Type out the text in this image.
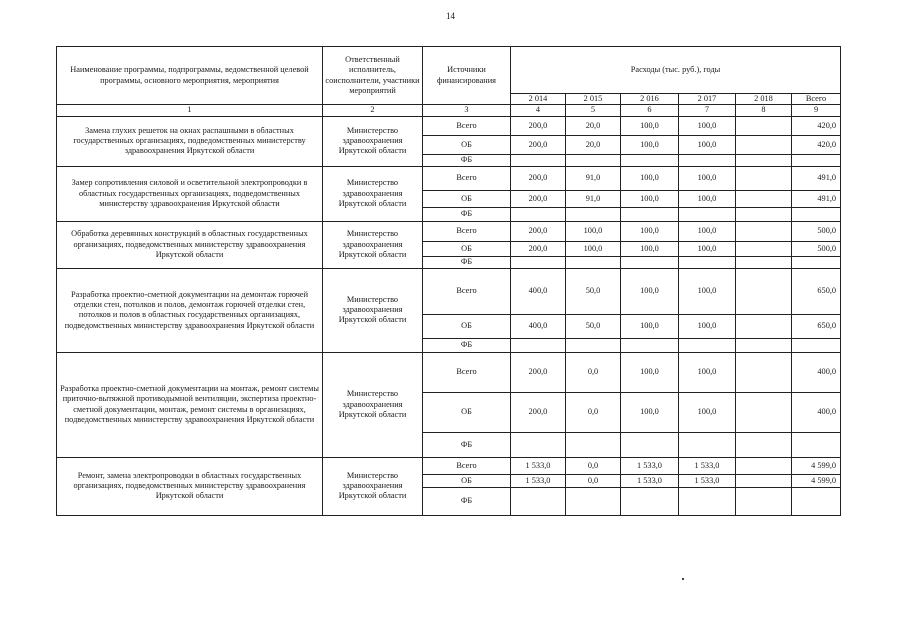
14
Наименование программы, подпрограммы, ведомственной целевой программы, основного мероприятия, мероприятия	Ответственный исполнитель, соисполнители, участники мероприятий	Источники финансирования	Расходы (тыс. руб.), годы					
			2 014	2 015	2 016	2 017	2 018	Всего
1	2	3	4	5	6	7	8	9
Замена глухих решеток на окнах распашными в областных государственных организациях, подведомственных министерству здравоохранения Иркутской области	Министерство здравоохранения Иркутской области	Всего	200,0	20,0	100,0	100,0		420,0
		ОБ	200,0	20,0	100,0	100,0		420,0
		ФБ						
Замер сопротивления силовой и осветительной электропроводки в областных государственных организациях, подведомственных министерству здравоохранения Иркутской области	Министерство здравоохранения Иркутской области	Всего	200,0	91,0	100,0	100,0		491,0
		ОБ	200,0	91,0	100,0	100,0		491,0
		ФБ						
Обработка деревянных конструкций в областных государственных организациях, подведомственных министерству здравоохранения Иркутской области	Министерство здравоохранения Иркутской области	Всего	200,0	100,0	100,0	100,0		500,0
		ОБ	200,0	100,0	100,0	100,0		500,0
		ФБ						
Разработка проектно-сметной документации на демонтаж горючей отделки стен, потолков и полов, демонтаж горючей отделки стен, потолков и полов в областных государственных организациях, подведомственных министерству здравоохранения Иркутской области	Министерство здравоохранения Иркутской области	Всего	400,0	50,0	100,0	100,0		650,0
		ОБ	400,0	50,0	100,0	100,0		650,0
		ФБ						
Разработка проектно-сметной документации на монтаж, ремонт системы приточно-вытяжной противодымной вентиляции, экспертиза проектно-сметной документации, монтаж, ремонт системы в организациях, подведомственных министерству здравоохранения Иркутской области	Министерство здравоохранения Иркутской области	Всего	200,0	0,0	100,0	100,0		400,0
		ОБ	200,0	0,0	100,0	100,0		400,0
		ФБ						
Ремонт, замена электропроводки в областных государственных организациях, подведомственных министерству здравоохранения Иркутской области	Министерство здравоохранения Иркутской области	Всего	1 533,0	0,0	1 533,0	1 533,0		4 599,0
		ОБ	1 533,0	0,0	1 533,0	1 533,0		4 599,0
		ФБ						
